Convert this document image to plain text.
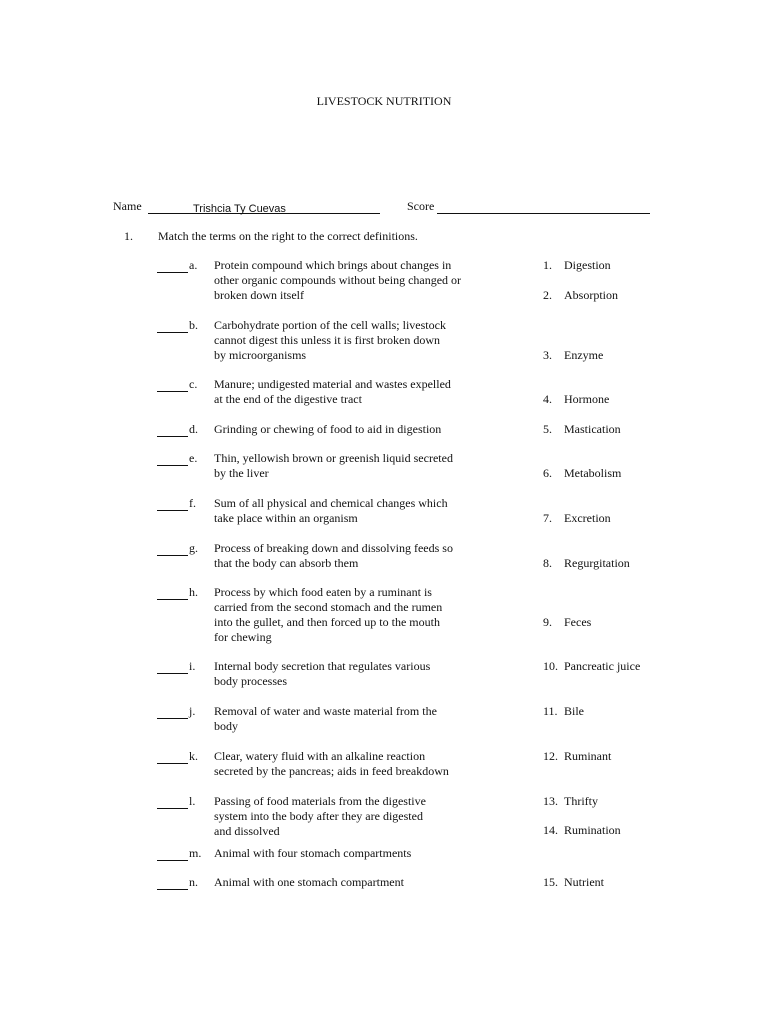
LIVESTOCK NUTRITION
Name	Trishcia Ty Cuevas	Score
1. Match the terms on the right to the correct definitions.
a. Protein compound which brings about changes in
other organic compounds without being changed or
broken down itself
b. Carbohydrate portion of the cell walls; livestock
cannot digest this unless it is first broken down
by microorganisms
c. Manure; undigested material and wastes expelled
at the end of the digestive tract
d. Grinding or chewing of food to aid in digestion
e. Thin, yellowish brown or greenish liquid secreted
by the liver
f. Sum of all physical and chemical changes which
take place within an organism
g. Process of breaking down and dissolving feeds so
that the body can absorb them
h. Process by which food eaten by a ruminant is
carried from the second stomach and the rumen
into the gullet, and then forced up to the mouth
for chewing
i. Internal body secretion that regulates various
body processes
j. Removal of water and waste material from the
body
k. Clear, watery fluid with an alkaline reaction
secreted by the pancreas; aids in feed breakdown
l. Passing of food materials from the digestive
system into the body after they are digested
and dissolved
m. Animal with four stomach compartments
n. Animal with one stomach compartment
1. Digestion
2. Absorption
3. Enzyme
4. Hormone
5. Mastication
6. Metabolism
7. Excretion
8. Regurgitation
9. Feces
10. Pancreatic juice
11. Bile
12. Ruminant
13. Thrifty
14. Rumination
15. Nutrient
